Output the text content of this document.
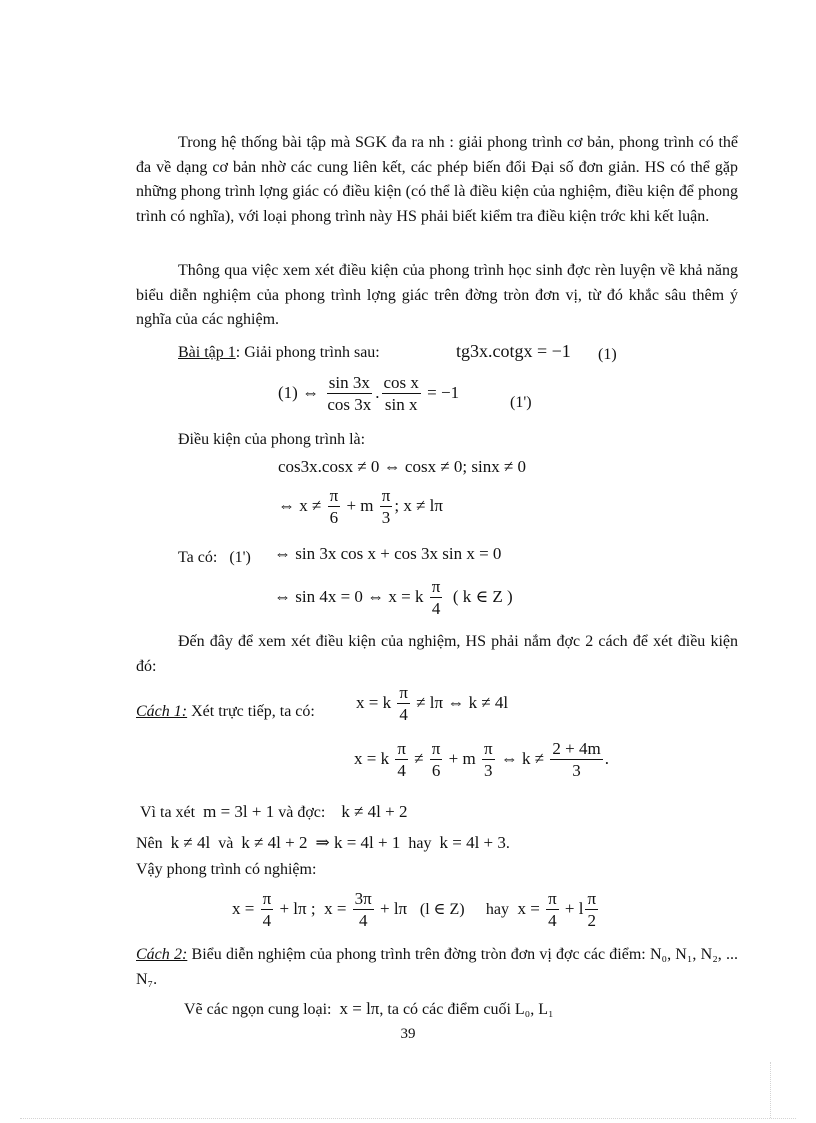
Trong hệ thống bài tập mà SGK đa ra nh : giải phong trình cơ bản, phong trình có thể đa về dạng cơ bản nhờ các cung liên kết, các phép biến đổi Đại số đơn giản. HS có thể gặp những phong trình lợng giác có điều kiện (có thể là điều kiện của nghiệm, điều kiện để phong trình có nghĩa), với loại phong trình này HS phải biết kiểm tra điều kiện trớc khi kết luận.
Thông qua việc xem xét điều kiện của phong trình học sinh đợc rèn luyện về khả năng biểu diễn nghiệm của phong trình lợng giác trên đờng tròn đơn vị, từ đó khắc sâu thêm ý nghĩa của các nghiệm.
Bài tập 1: Giải phong trình sau:	tg3x.cotgx = −1 (1)
(1) ⇔ $\frac{\sin 3x}{\cos 3x}$ . $\frac{\text{cos x}}{\text{sin x}} = -1$
(1')
Điều kiện của phong trình là:
cos3x.cosx ≠ 0 ⇔ cosx ≠ 0; sinx ≠ 0
⇔ $x \ne \frac{\pi}{6} + m \frac{\pi}{3}$ ; x ≠ lπ
Ta có: (1') ⇔ sin 3x cos x + cos 3x sin x = 0
⇔ sin 4x = 0 ⇔ x = k $\frac{\pi}{4}$ ( k ∈ Z )
Đến đây để xem xét điều kiện của nghiệm, HS phải nắm đợc 2 cách để xét điều kiện đó:
Cách 1: Xét trực tiếp, ta có: x = k $\frac{\pi}{4} \ne l\pi$ ⇔ k ≠ 4l
x = k $\frac{\pi}{4} \ne \frac{\pi}{6} + m \frac{\pi}{3}$ ⇔ $k \ne \frac{2 + 4m}{3}$ .
Vì ta xét m = 3l + 1 và đợc: k ≠ 4l + 2
Nên k ≠ 4l và k ≠ 4l + 2 ⇒ k = 4l + 1 hay k = 4l + 3.
Vậy phong trình có nghiệm:
$x = \frac{\pi}{4} + l\pi$ ; $x = \frac{3\pi}{4} + l\pi$ (l ∈ Z) hay $x = \frac{\pi}{4} + l \frac{\pi}{2}$
Cách 2: Biểu diễn nghiệm của phong trình trên đờng tròn đơn vị đợc các điểm: N₀, N₁, N₂, ... N₇.
Vẽ các ngọn cung loại: x = lπ, ta có các điểm cuối L₀, L₁
39
